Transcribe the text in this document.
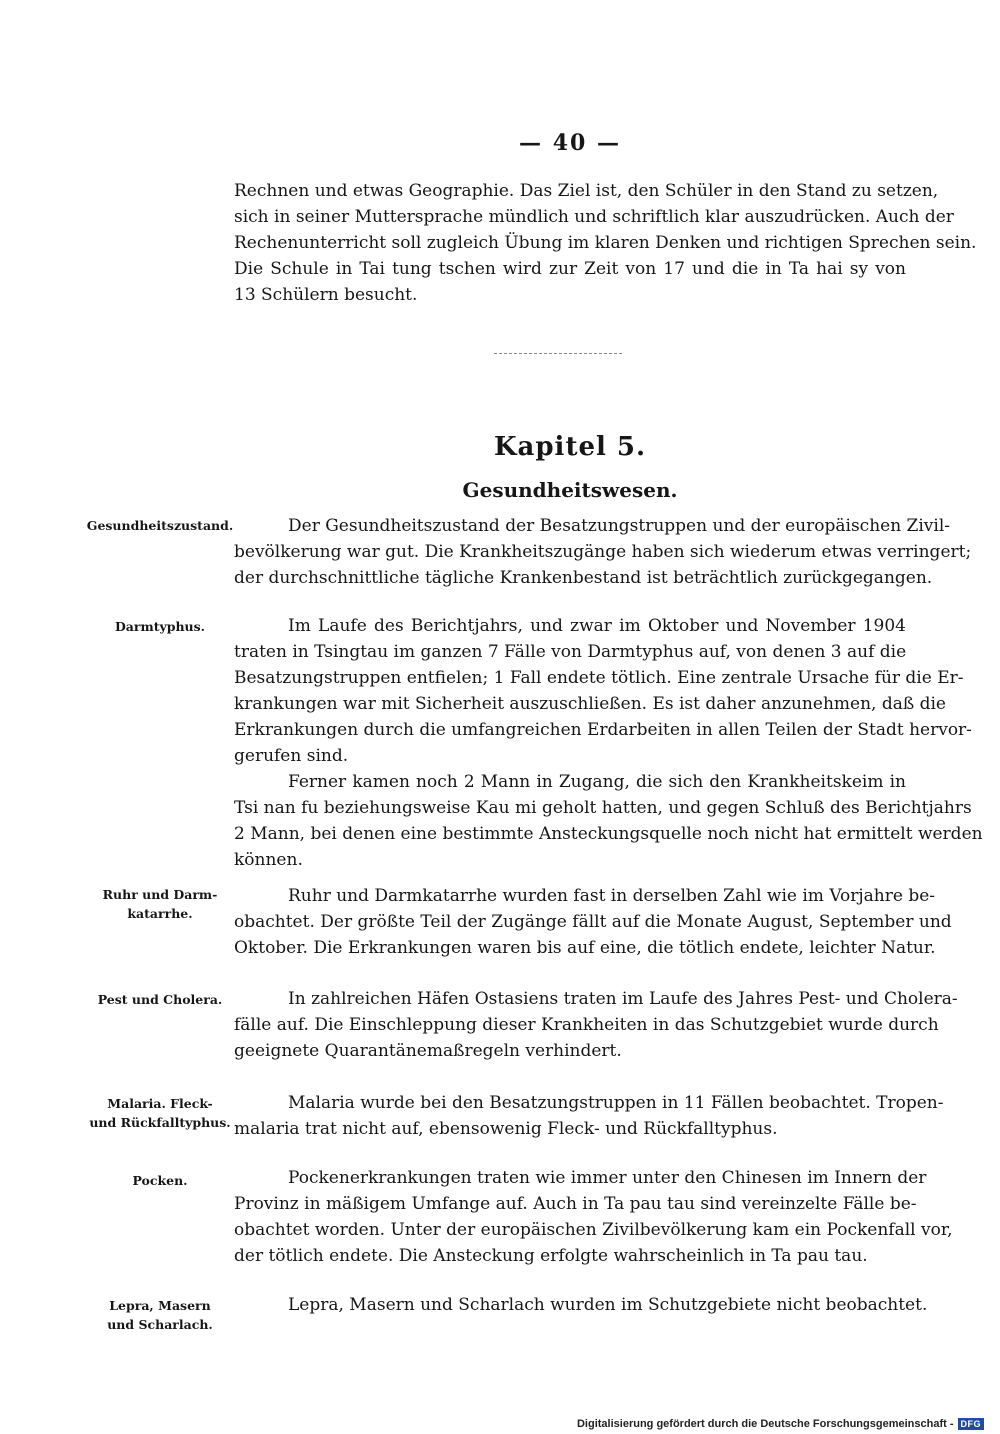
— 40 —
Rechnen und etwas Geographie. Das Ziel ist, den Schüler in den Stand zu setzen,
sich in seiner Muttersprache mündlich und schriftlich klar auszudrücken. Auch der
Rechenunterricht soll zugleich Übung im klaren Denken und richtigen Sprechen sein.
Die Schule in Tai tung tschen wird zur Zeit von 17 und die in Ta hai sy von
13 Schülern besucht.
Kapitel 5.
Gesundheitswesen.
Gesundheitszustand.	Der Gesundheitszustand der Besatzungstruppen und der europäischen Zivil-
bevölkerung war gut. Die Krankheitszugänge haben sich wiederum etwas verringert;
der durchschnittliche tägliche Krankenbestand ist beträchtlich zurückgegangen.
Darmtyphus.	Im Laufe des Berichtjahrs, und zwar im Oktober und November 1904
traten in Tsingtau im ganzen 7 Fälle von Darmtyphus auf, von denen 3 auf die
Besatzungstruppen entfielen; 1 Fall endete tötlich. Eine zentrale Ursache für die Er-
krankungen war mit Sicherheit auszuschließen. Es ist daher anzunehmen, daß die
Erkrankungen durch die umfangreichen Erdarbeiten in allen Teilen der Stadt hervor-
gerufen sind.
Ferner kamen noch 2 Mann in Zugang, die sich den Krankheitskeim in
Tsi nan fu beziehungsweise Kau mi geholt hatten, und gegen Schluß des Berichtjahrs
2 Mann, bei denen eine bestimmte Ansteckungsquelle noch nicht hat ermittelt werden
können.
Ruhr und Darm-
katarrhe.
Ruhr und Darmkatarrhe wurden fast in derselben Zahl wie im Vorjahre be-
obachtet. Der größte Teil der Zugänge fällt auf die Monate August, September und
Oktober. Die Erkrankungen waren bis auf eine, die tötlich endete, leichter Natur.
Pest und Cholera.	In zahlreichen Häfen Ostasiens traten im Laufe des Jahres Pest- und Cholera-
fälle auf. Die Einschleppung dieser Krankheiten in das Schutzgebiet wurde durch
geeignete Quarantänemaßregeln verhindert.
Malaria. Fleck-
und Rückfalltyphus.
Malaria wurde bei den Besatzungstruppen in 11 Fällen beobachtet. Tropen-
malaria trat nicht auf, ebensowenig Fleck- und Rückfalltyphus.
Pocken.	Pockenerkrankungen traten wie immer unter den Chinesen im Innern der
Provinz in mäßigem Umfange auf. Auch in Ta pau tau sind vereinzelte Fälle be-
obachtet worden. Unter der europäischen Zivilbevölkerung kam ein Pockenfall vor,
der tötlich endete. Die Ansteckung erfolgte wahrscheinlich in Ta pau tau.
Lepra, Masern
und Scharlach.
Lepra, Masern und Scharlach wurden im Schutzgebiete nicht beobachtet.
Digitalisierung gefördert durch die Deutsche Forschungsgemeinschaft - DFG
